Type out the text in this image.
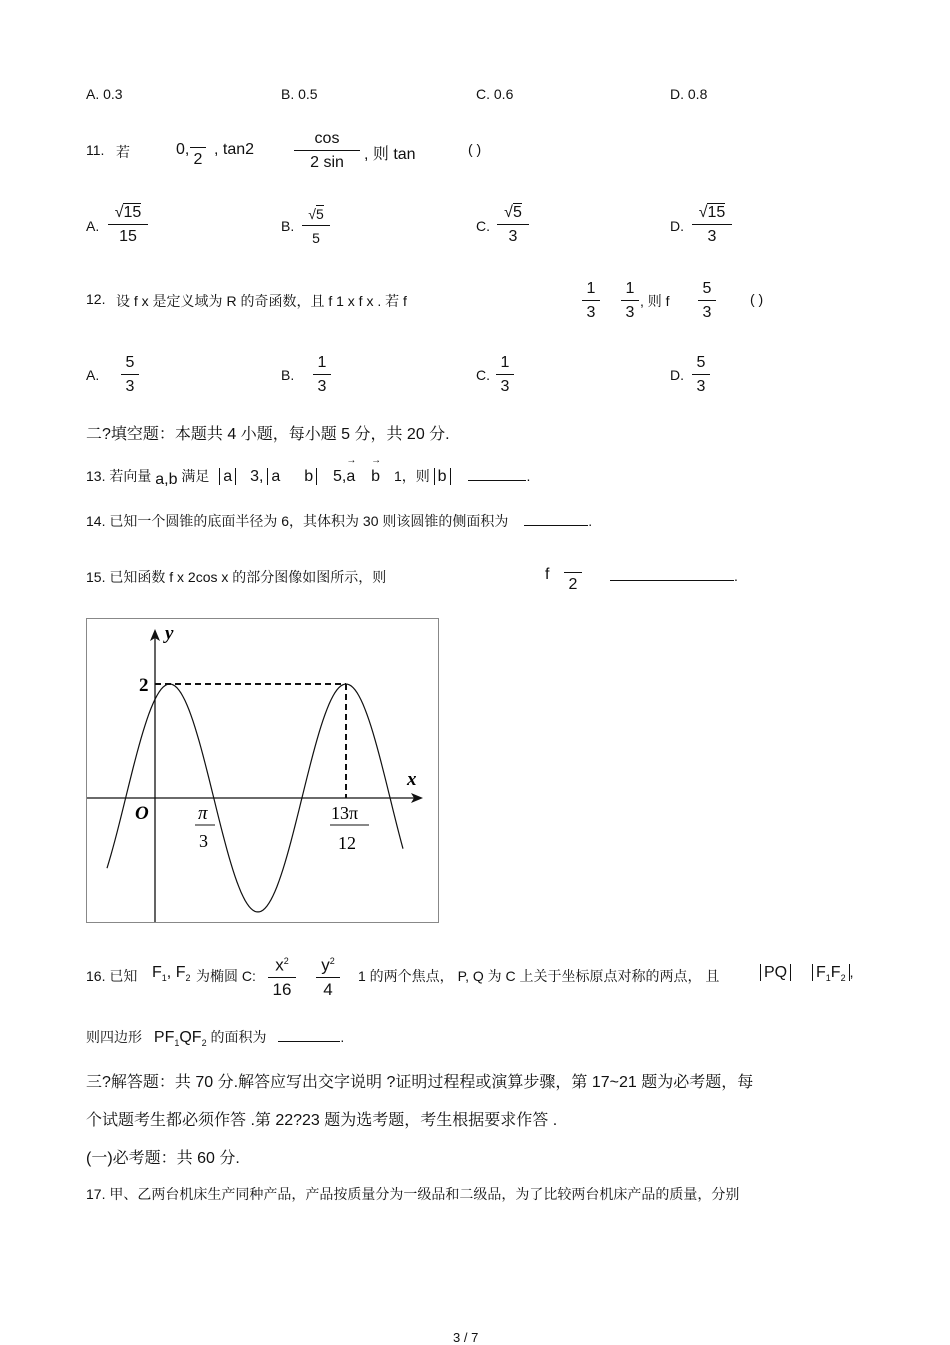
A. 0.3	B. 0.5	C. 0.6	D. 0.8
11. 若	0,

2
, $\tan 2 \frac{\cos}{2 \sin}$ , 则 tan	( )
A. $\frac{√15}{15}$	B. $\frac{√5}{5}$	C. $\frac{√5}{3}$	D. $\frac{√15}{3}$
12. 设 f x 是定义域为 R 的奇函数，且 f 1 x f x . 若 f	$\frac{1}{3} \frac{1}{3}$ , 则 f $\frac{5}{3}$ ( )
A. $\frac{5}{3}$	B. $\frac{1}{3}$	C. $\frac{1}{3}$	D. $\frac{5}{3}$
二?填空题：本题共 4 小题，每小题 5 分，共 20 分.
13. 若向量 a,b 满足 a 3, a b 5,→ a → b 1，则 b	.
14. 已知一个圆锥的底面半径为 6，其体积为 30 则该圆锥的侧面积为	.
15. 已知函数 f x 2cos x 的部分图像如图所示，则	f

2	.
y
x
O
2
π
3
13π
12
16. 已知 $F_1$, $F_2$ 为椭圆 C: $\frac{x^2}{16} \frac{y^2}{4} 1$ 的两个焦点， P, Q 为 C 上关于坐标原点对称的两点， 且	PQ $F_1F_2$ ,
则四边形 $PF_1QF_2$ 的面积为	.
三?解答题：共 70 分.解答应写出交字说明 ?证明过程程或演算步骤，第 17~21 题为必考题，每
个试题考生都必须作答 .第 22?23 题为选考题，考生根据要求作答 .
(一)必考题：共 60 分.
17. 甲、乙两台机床生产同种产品，产品按质量分为一级品和二级品，为了比较两台机床产品的质量，分别
3 / 7
